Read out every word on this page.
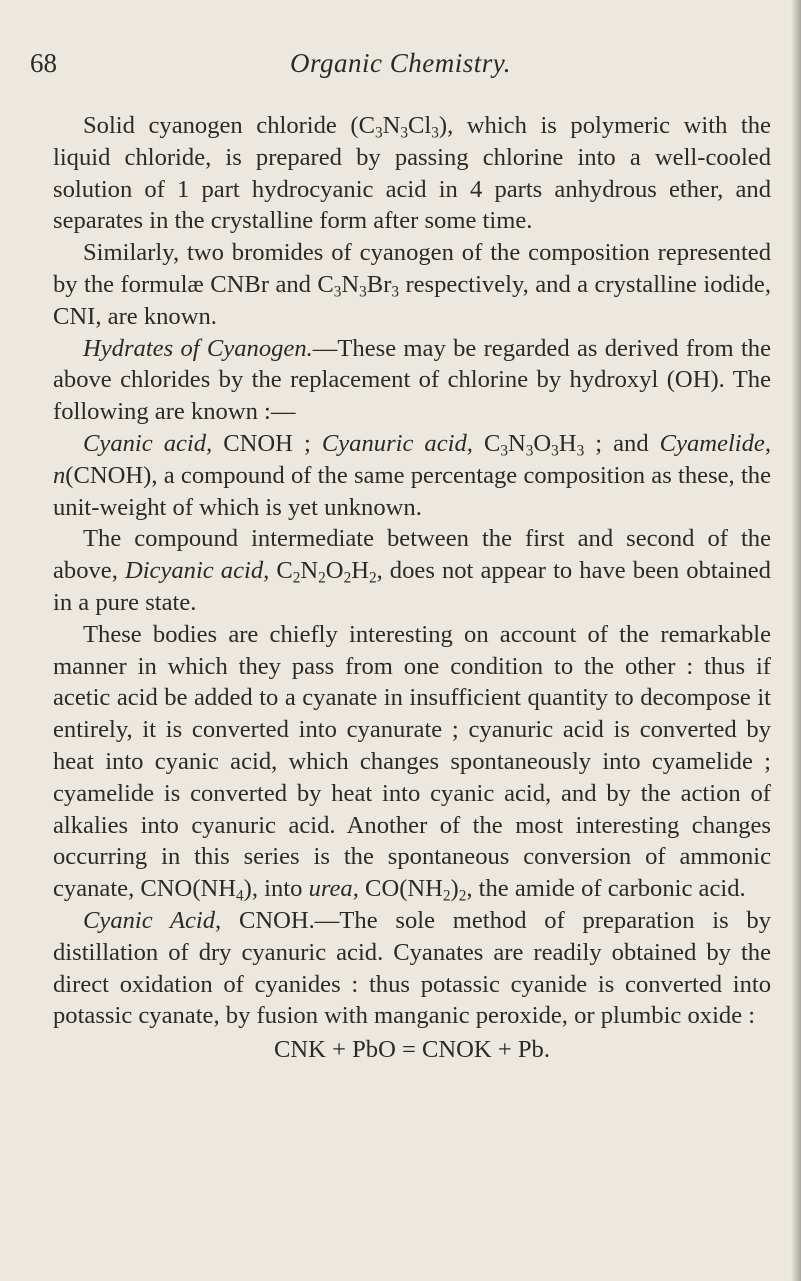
68	Organic Chemistry.

Solid cyanogen chloride $(C_3N_3Cl_3)$, which is polymeric with the liquid chloride, is prepared by passing chlorine into a well-cooled solution of 1 part hydrocyanic acid in 4 parts anhydrous ether, and separates in the crystalline form after some time.

Similarly, two bromides of cyanogen of the composition represented by the formulæ CNBr and $C_3N_3Br_3$ respectively, and a crystalline iodide, CNI, are known.

Hydrates of Cyanogen.—These may be regarded as derived from the above chlorides by the replacement of chlorine by hydroxyl (OH). The following are known :—

Cyanic acid, CNOH ; Cyanuric acid, $C_3N_3O_3H_3$ ; and Cyamelide, n(CNOH), a compound of the same percentage composition as these, the unit-weight of which is yet unknown.

The compound intermediate between the first and second of the above, Dicyanic acid, $C_2N_2O_2H_2$, does not appear to have been obtained in a pure state.

These bodies are chiefly interesting on account of the remarkable manner in which they pass from one condition to the other : thus if acetic acid be added to a cyanate in insufficient quantity to decompose it entirely, it is converted into cyanurate ; cyanuric acid is converted by heat into cyanic acid, which changes spontaneously into cyamelide ; cyamelide is converted by heat into cyanic acid, and by the action of alkalies into cyanuric acid. Another of the most interesting changes occurring in this series is the spontaneous conversion of ammonic cyanate, $CNO(NH_4)$, into urea, $CO(NH_2)_2$, the amide of carbonic acid.

Cyanic Acid, CNOH.—The sole method of preparation is by distillation of dry cyanuric acid. Cyanates are readily obtained by the direct oxidation of cyanides : thus potassic cyanide is converted into potassic cyanate, by fusion with manganic peroxide, or plumbic oxide :

CNK + PbO = CNOK + Pb.
